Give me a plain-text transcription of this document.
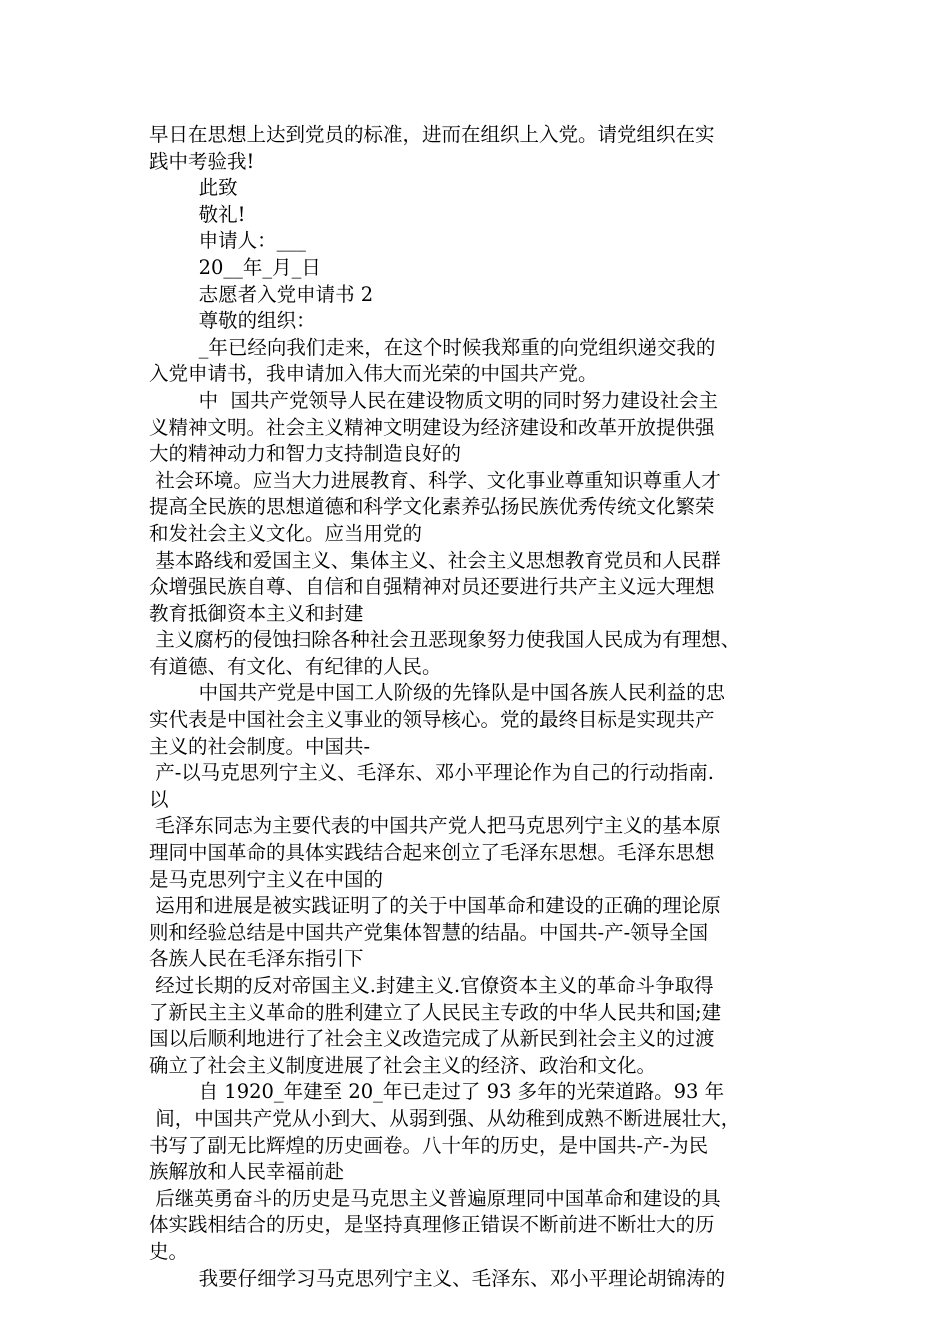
早日在思想上达到党员的标准，进而在组织上入党。请党组织在实
践中考验我!
此致
敬礼!
申请人：___
20__年_月_日
志愿者入党申请书 2
尊敬的组织：
_年已经向我们走来，在这个时候我郑重的向党组织递交我的
入党申请书，我申请加入伟大而光荣的中国共产党。
中  国共产党领导人民在建设物质文明的同时努力建设社会主
义精神文明。社会主义精神文明建设为经济建设和改革开放提供强
大的精神动力和智力支持制造良好的
社会环境。应当大力进展教育、科学、文化事业尊重知识尊重人才
提高全民族的思想道德和科学文化素养弘扬民族优秀传统文化繁荣
和发社会主义文化。应当用党的
基本路线和爱国主义、集体主义、社会主义思想教育党员和人民群
众增强民族自尊、自信和自强精神对员还要进行共产主义远大理想
教育抵御资本主义和封建
主义腐朽的侵蚀扫除各种社会丑恶现象努力使我国人民成为有理想、
有道德、有文化、有纪律的人民。
中国共产党是中国工人阶级的先锋队是中国各族人民利益的忠
实代表是中国社会主义事业的领导核心。党的最终目标是实现共产
主义的社会制度。中国共-
产-以马克思列宁主义、毛泽东、邓小平理论作为自己的行动指南.
以
毛泽东同志为主要代表的中国共产党人把马克思列宁主义的基本原
理同中国革命的具体实践结合起来创立了毛泽东思想。毛泽东思想
是马克思列宁主义在中国的
运用和进展是被实践证明了的关于中国革命和建设的正确的理论原
则和经验总结是中国共产党集体智慧的结晶。中国共-产-领导全国
各族人民在毛泽东指引下
经过长期的反对帝国主义.封建主义.官僚资本主义的革命斗争取得
了新民主主义革命的胜利建立了人民民主专政的中华人民共和国;建
国以后顺利地进行了社会主义改造完成了从新民到社会主义的过渡
确立了社会主义制度进展了社会主义的经济、政治和文化。
自 1920_年建至 20_年已走过了 93 多年的光荣道路。93 年
间，中国共产党从小到大、从弱到强、从幼稚到成熟不断进展壮大，
书写了副无比辉煌的历史画卷。八十年的历史，是中国共-产-为民
族解放和人民幸福前赴
后继英勇奋斗的历史是马克思主义普遍原理同中国革命和建设的具
体实践相结合的历史，是坚持真理修正错误不断前进不断壮大的历
史。
我要仔细学习马克思列宁主义、毛泽东、邓小平理论胡锦涛的
